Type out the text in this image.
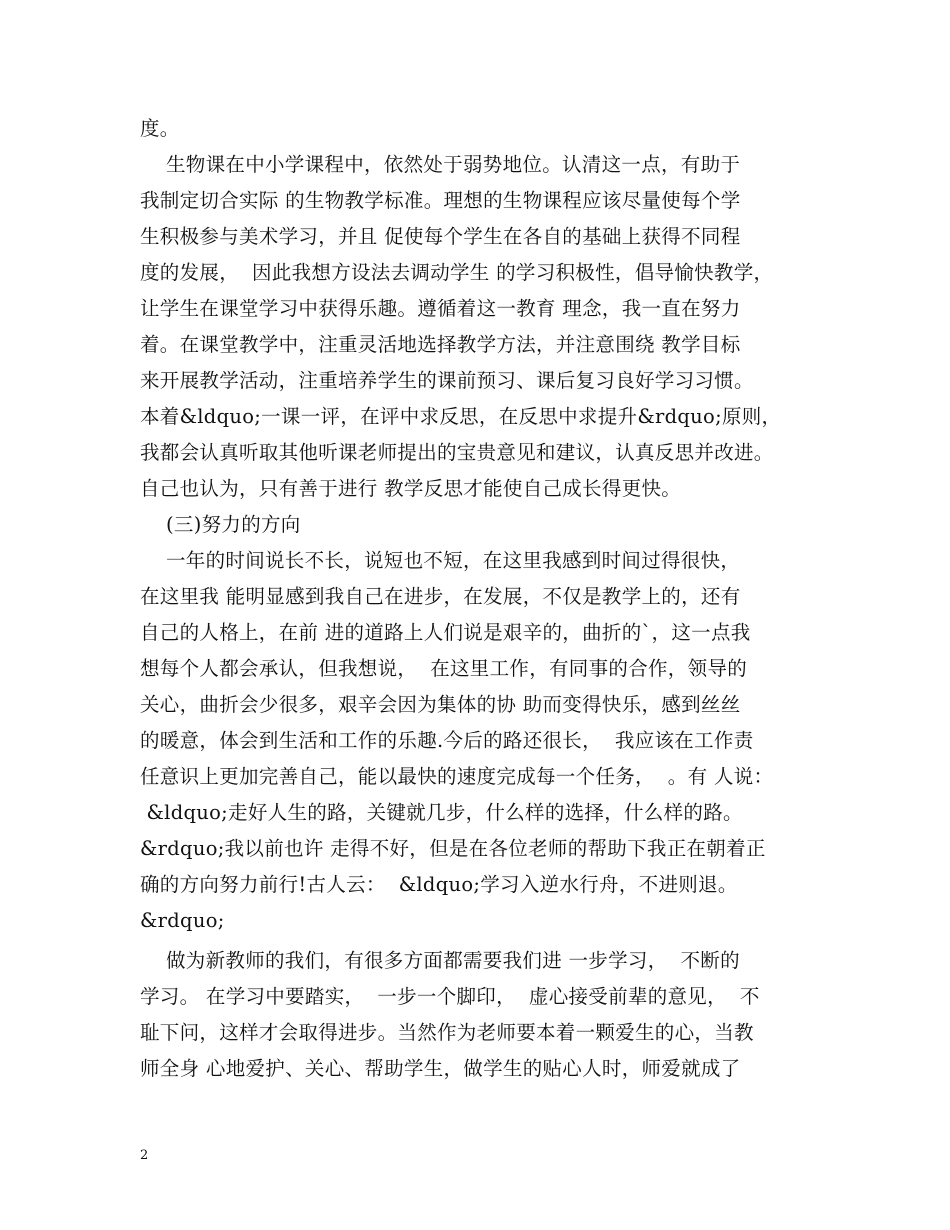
度。
生物课在中小学课程中，依然处于弱势地位。认清这一点，有助于
我制定切合实际 的生物教学标准。理想的生物课程应该尽量使每个学
生积极参与美术学习，并且 促使每个学生在各自的基础上获得不同程
度的发展，  因此我想方设法去调动学生 的学习积极性，倡导愉快教学，
让学生在课堂学习中获得乐趣。遵循着这一教育 理念，我一直在努力
着。在课堂教学中，注重灵活地选择教学方法，并注意围绕 教学目标
来开展教学活动，注重培养学生的课前预习、课后复习良好学习习惯。
本着&ldquo;一课一评，在评中求反思，在反思中求提升&rdquo;原则，
我都会认真听取其他听课老师提出的宝贵意见和建议，认真反思并改进。
自己也认为，只有善于进行 教学反思才能使自己成长得更快。
(三)努力的方向
一年的时间说长不长，说短也不短，在这里我感到时间过得很快，
在这里我 能明显感到我自己在进步，在发展，不仅是教学上的，还有
自己的人格上，在前 进的道路上人们说是艰辛的，曲折的`，这一点我
想每个人都会承认，但我想说，  在这里工作，有同事的合作，领导的
关心，曲折会少很多，艰辛会因为集体的协 助而变得快乐，感到丝丝
的暖意，体会到生活和工作的乐趣.今后的路还很长，  我应该在工作责
任意识上更加完善自己，能以最快的速度完成每一个任务，  。有 人说：
&ldquo;走好人生的路，关键就几步，什么样的选择，什么样的路。
&rdquo;我以前也许 走得不好，但是在各位老师的帮助下我正在朝着正
确的方向努力前行!古人云：  &ldquo;学习入逆水行舟，不进则退。
&rdquo;
做为新教师的我们，有很多方面都需要我们进 一步学习，  不断的
学习。 在学习中要踏实，  一步一个脚印，  虚心接受前辈的意见，  不
耻下问，这样才会取得进步。当然作为老师要本着一颗爱生的心，当教
师全身 心地爱护、关心、帮助学生，做学生的贴心人时，师爱就成了
2
